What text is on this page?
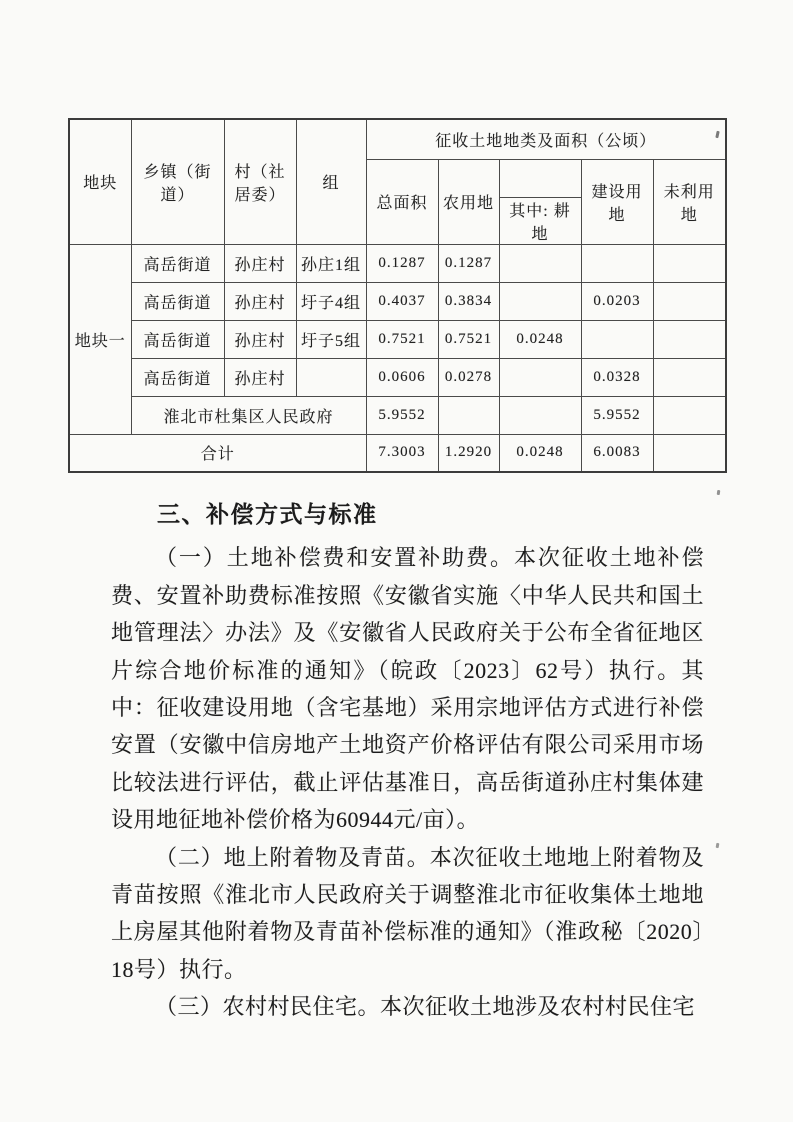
地块	乡镇（街道）	村（社居委）	组	征收土地地类及面积（公顷）				
				总面积	农用地		建设用地	未利用地
						其中: 耕地		
地块一	高岳街道	孙庄村	孙庄1组	0.1287	0.1287			
	高岳街道	孙庄村	圩子4组	0.4037	0.3834		0.0203	
	高岳街道	孙庄村	圩子5组	0.7521	0.7521	0.0248		
	高岳街道	孙庄村		0.0606	0.0278		0.0328	
	淮北市杜集区人民政府			5.9552			5.9552	
合计				7.3003	1.2920	0.0248	6.0083	

三、补偿方式与标准

（一）土地补偿费和安置补助费。本次征收土地补偿费、安置补助费标准按照《安徽省实施〈中华人民共和国土地管理法〉办法》及《安徽省人民政府关于公布全省征地区片综合地价标准的通知》（皖政〔2023〕62号）执行。其中：征收建设用地（含宅基地）采用宗地评估方式进行补偿安置（安徽中信房地产土地资产价格评估有限公司采用市场比较法进行评估，截止评估基准日，高岳街道孙庄村集体建设用地征地补偿价格为60944元/亩）。

（二）地上附着物及青苗。本次征收土地地上附着物及青苗按照《淮北市人民政府关于调整淮北市征收集体土地地上房屋其他附着物及青苗补偿标准的通知》（淮政秘〔2020〕18号）执行。

（三）农村村民住宅。本次征收土地涉及农村村民住宅
